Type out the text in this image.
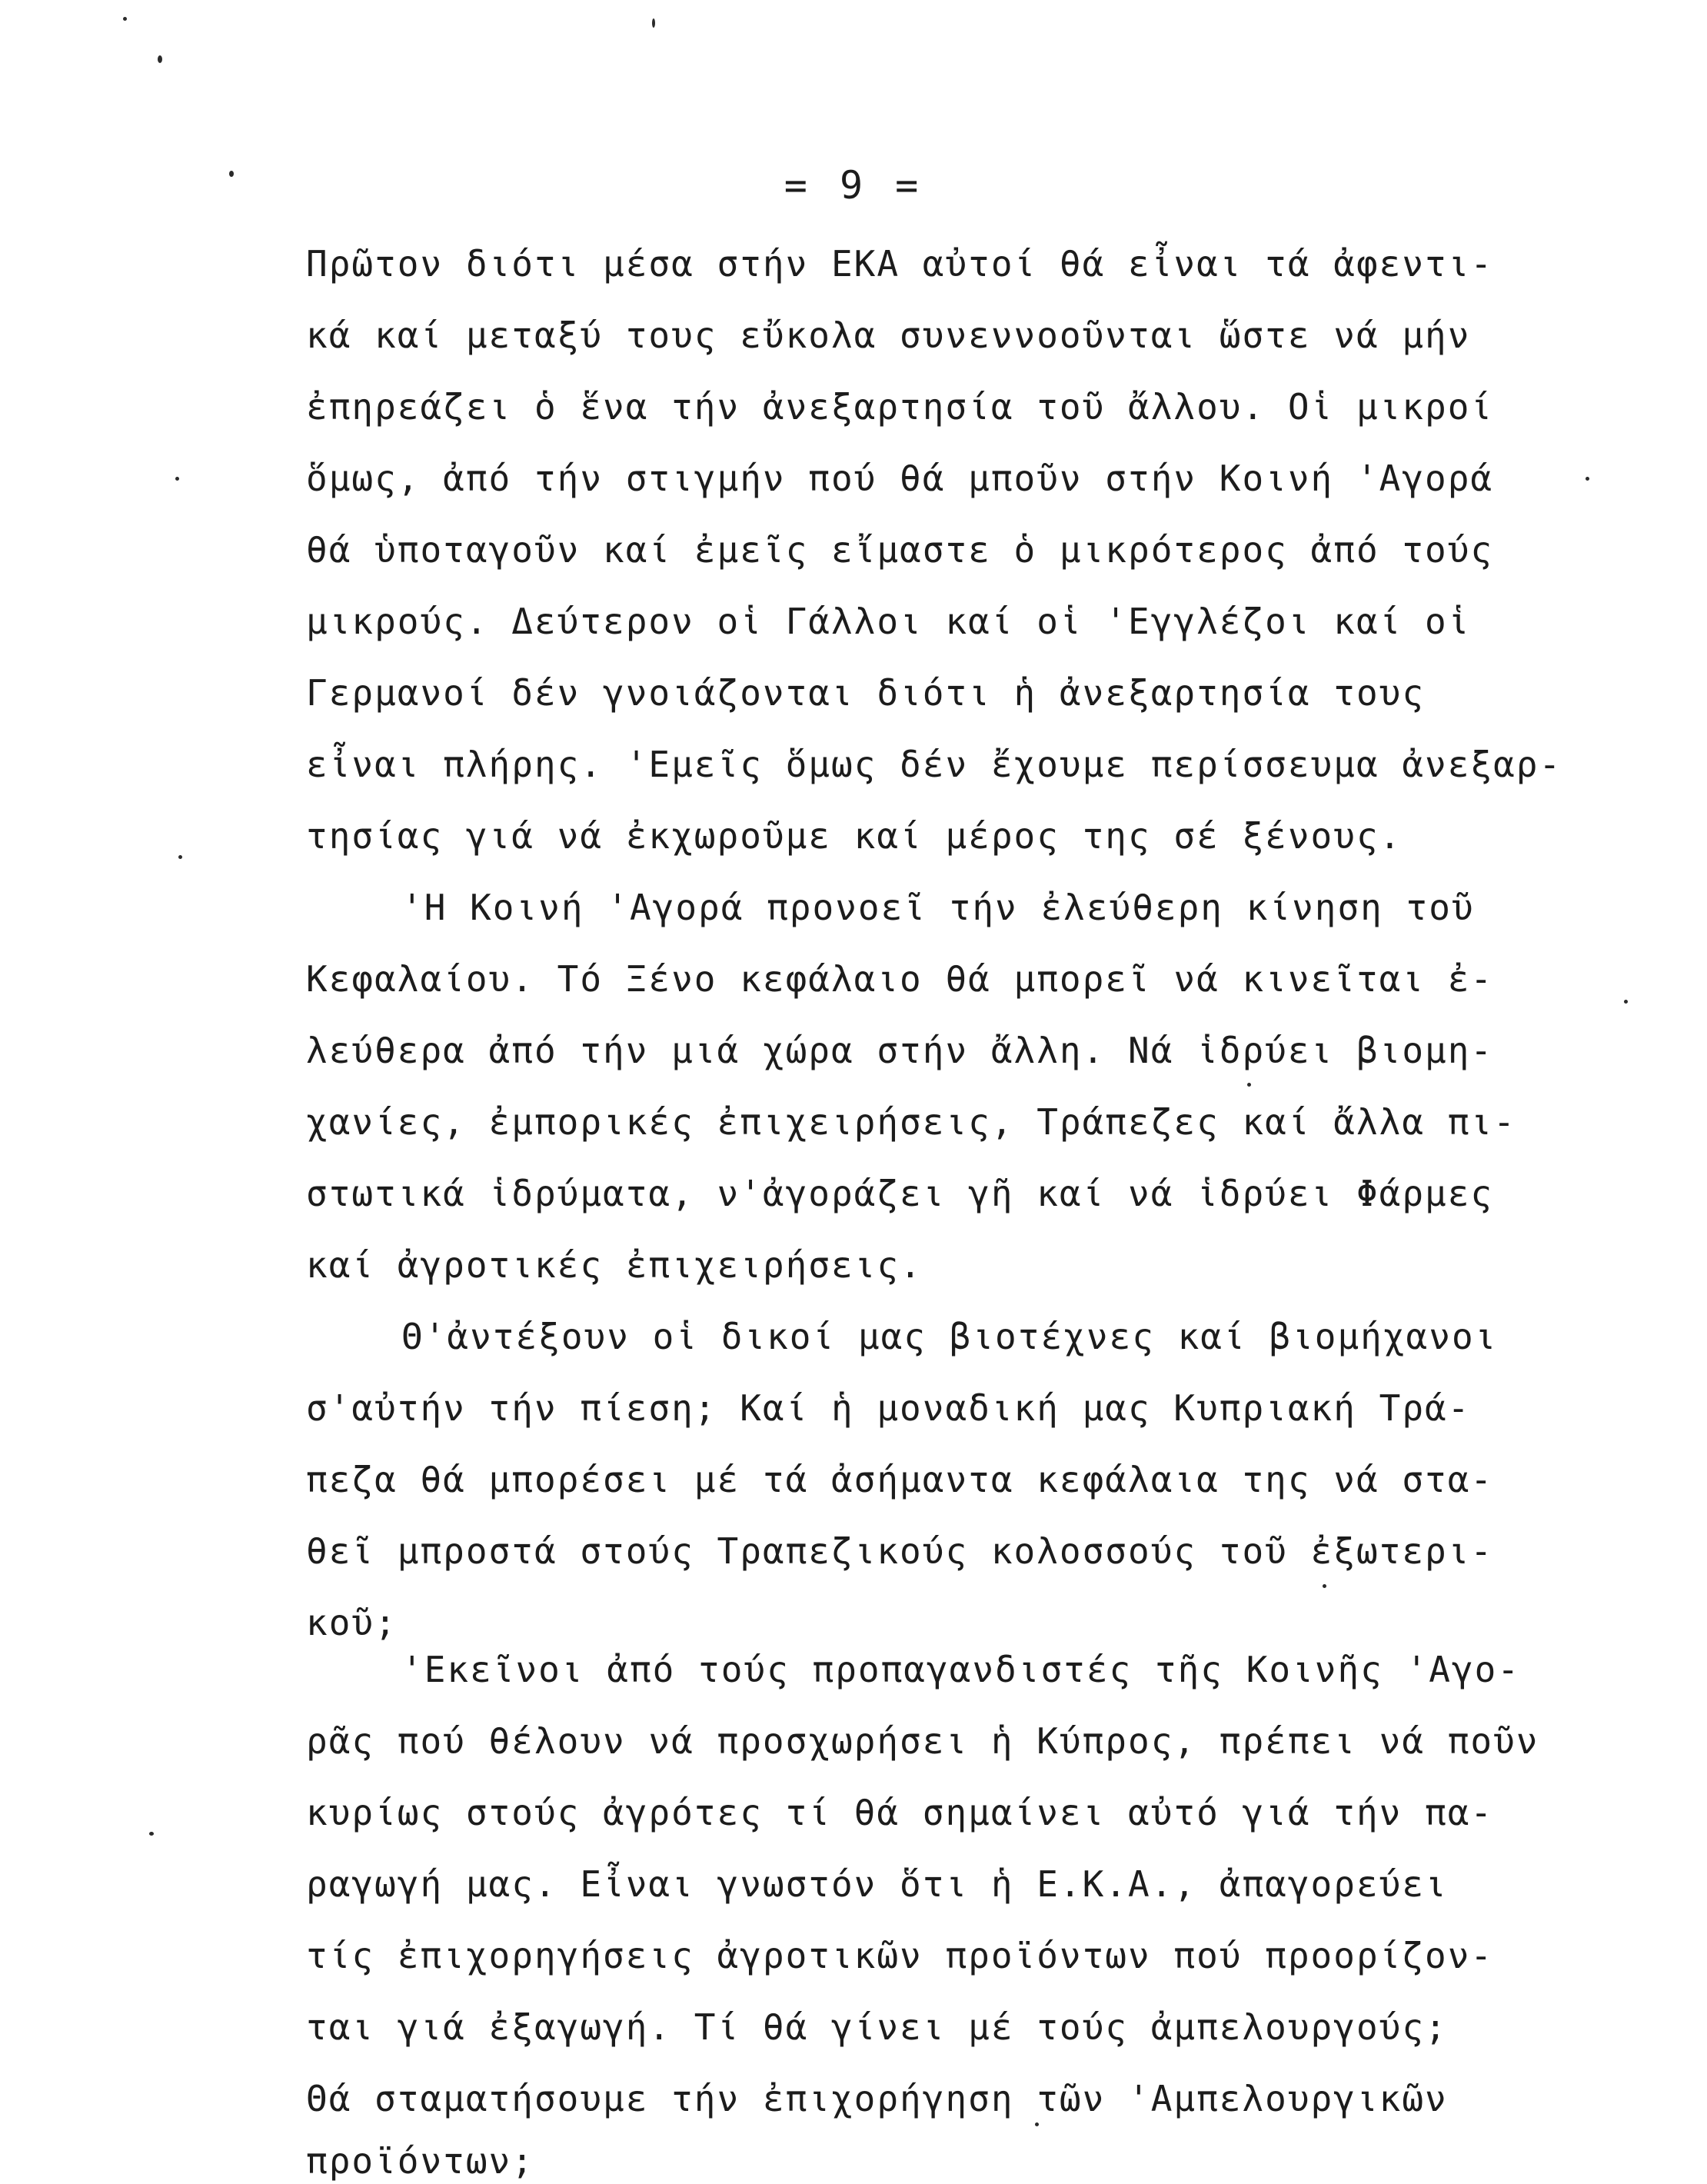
= 9 =
Πρῶτον διότι μέσα στήν ΕΚΑ αὐτοί θά εἶναι τά ἀφεντι-
κά καί μεταξύ τους εὔκολα συνεννοοῦνται ὥστε νά μήν
ἐπηρεάζει ὁ ἕνα τήν ἀνεξαρτησία τοῦ ἄλλου. Οἱ μικροί
ὅμως, ἀπό τήν στιγμήν πού θά μποῦν στήν Κοινή 'Αγορά
θά ὑποταγοῦν καί ἐμεῖς εἴμαστε ὁ μικρότερος ἀπό τούς
μικρούς. Δεύτερον οἱ Γάλλοι καί οἱ 'Εγγλέζοι καί οἱ
Γερμανοί δέν γνοιάζονται διότι ἡ ἀνεξαρτησία τους
εἶναι πλήρης. 'Εμεῖς ὅμως δέν ἔχουμε περίσσευμα ἀνεξαρ-
τησίας γιά νά ἐκχωροῦμε καί μέρος της σέ ξένους.
'Η Κοινή 'Αγορά προνοεῖ τήν ἐλεύθερη κίνηση τοῦ
Κεφαλαίου. Τό Ξένο κεφάλαιο θά μπορεῖ νά κινεῖται ἐ-
λεύθερα ἀπό τήν μιά χώρα στήν ἄλλη. Νά ἱδρύει βιομη-
χανίες, ἐμπορικές ἐπιχειρήσεις, Τράπεζες καί ἄλλα πι-
στωτικά ἱδρύματα, ν'ἀγοράζει γῆ καί νά ἱδρύει Φάρμες
καί ἀγροτικές ἐπιχειρήσεις.
Θ'ἀντέξουν οἱ δικοί μας βιοτέχνες καί βιομήχανοι
σ'αὐτήν τήν πίεση; Καί ἡ μοναδική μας Κυπριακή Τρά-
πεζα θά μπορέσει μέ τά ἀσήμαντα κεφάλαια της νά στα-
θεῖ μπροστά στούς Τραπεζικούς κολοσσούς τοῦ ἐξωτερι-
κοῦ;
'Εκεῖνοι ἀπό τούς προπαγανδιστές τῆς Κοινῆς 'Αγο-
ρᾶς πού θέλουν νά προσχωρήσει ἡ Κύπρος, πρέπει νά ποῦν
κυρίως στούς ἀγρότες τί θά σημαίνει αὐτό γιά τήν πα-
ραγωγή μας. Εἶναι γνωστόν ὅτι ἡ Ε.Κ.Α., ἀπαγορεύει
τίς ἐπιχορηγήσεις ἀγροτικῶν προϊόντων πού προορίζον-
ται γιά ἐξαγωγή. Τί θά γίνει μέ τούς ἀμπελουργούς;
Θά σταματήσουμε τήν ἐπιχορήγηση τῶν 'Αμπελουργικῶν
προϊόντων;
